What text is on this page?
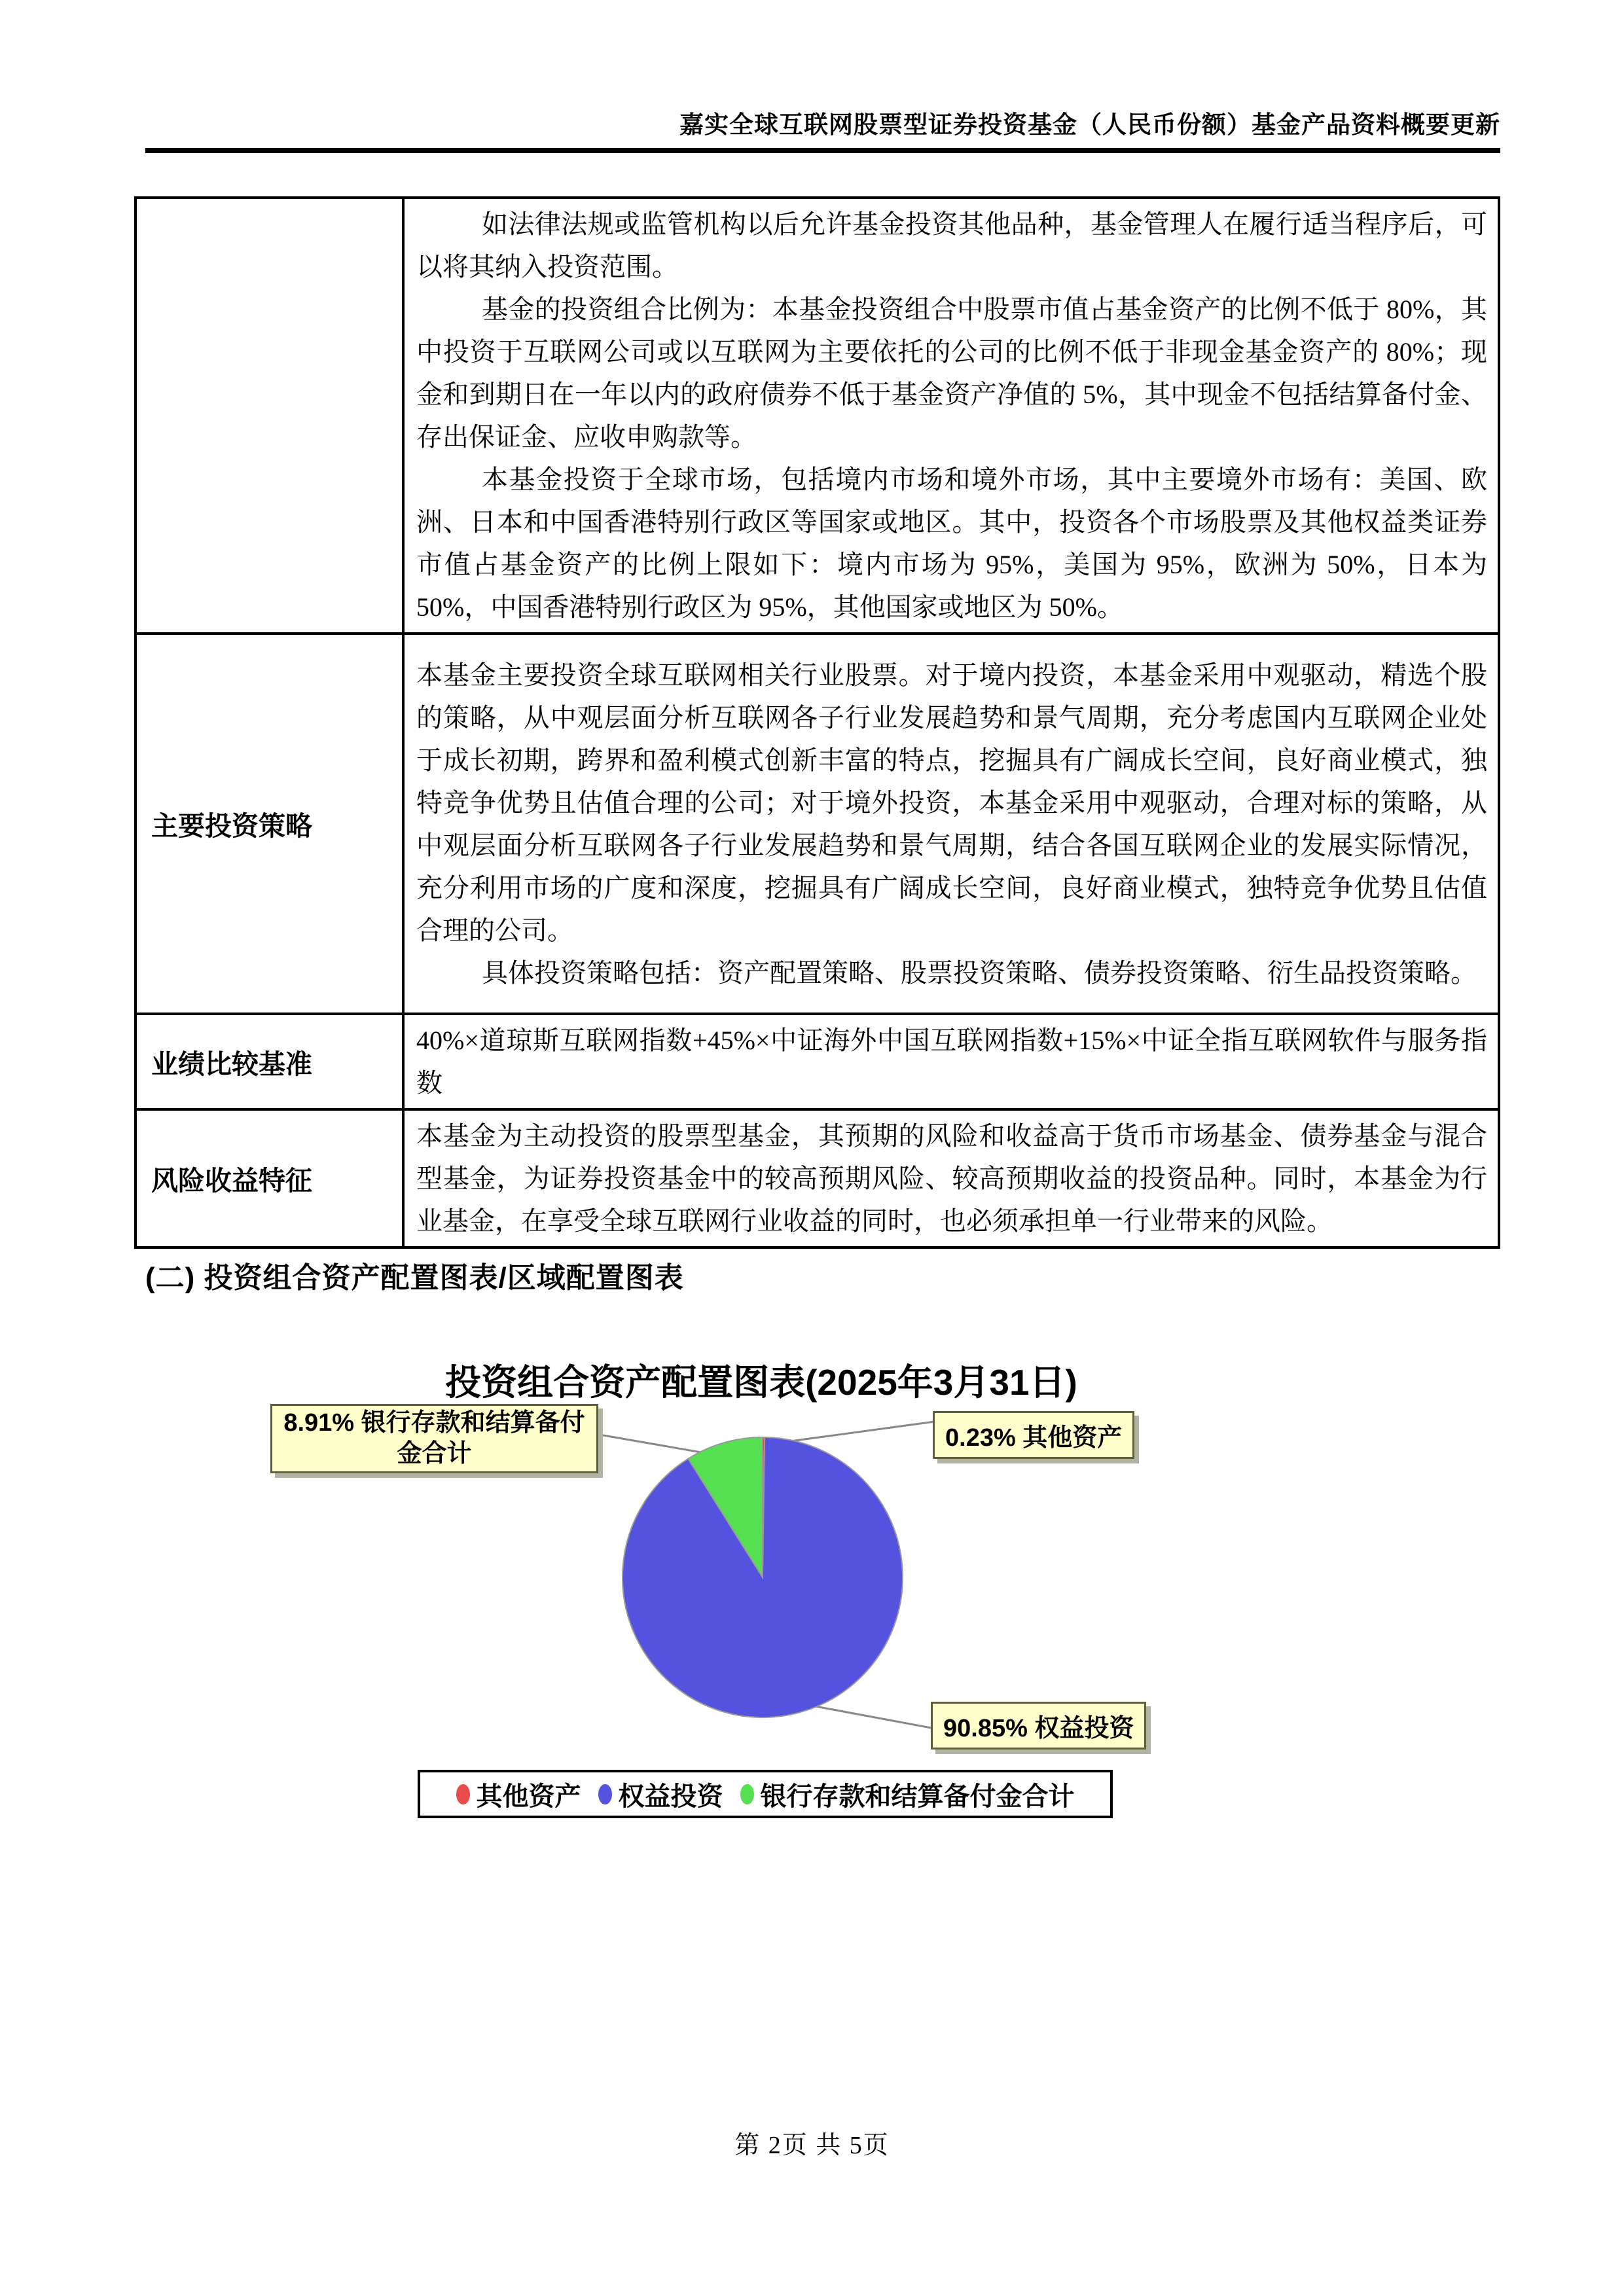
嘉实全球互联网股票型证券投资基金（人民币份额）基金产品资料概要更新

	如法律法规或监管机构以后允许基金投资其他品种，基金管理人在履行适当程序后，可以将其纳入投资范围。

基金的投资组合比例为：本基金投资组合中股票市值占基金资产的比例不低于 80%，其中投资于互联网公司或以互联网为主要依托的公司的比例不低于非现金基金资产的 80%；现金和到期日在一年以内的政府债券不低于基金资产净值的 5%，其中现金不包括结算备付金、存出保证金、应收申购款等。

本基金投资于全球市场，包括境内市场和境外市场，其中主要境外市场有：美国、欧洲、日本和中国香港特别行政区等国家或地区。其中，投资各个市场股票及其他权益类证券市值占基金资产的比例上限如下：境内市场为 95%，美国为 95%，欧洲为 50%，日本为 50%，中国香港特别行政区为 95%，其他国家或地区为 50%。

主要投资策略	本基金主要投资全球互联网相关行业股票。对于境内投资，本基金采用中观驱动，精选个股的策略，从中观层面分析互联网各子行业发展趋势和景气周期，充分考虑国内互联网企业处于成长初期，跨界和盈利模式创新丰富的特点，挖掘具有广阔成长空间，良好商业模式，独特竞争优势且估值合理的公司；对于境外投资，本基金采用中观驱动，合理对标的策略，从中观层面分析互联网各子行业发展趋势和景气周期，结合各国互联网企业的发展实际情况，充分利用市场的广度和深度，挖掘具有广阔成长空间，良好商业模式，独特竞争优势且估值合理的公司。

具体投资策略包括：资产配置策略、股票投资策略、债券投资策略、衍生品投资策略。

业绩比较基准	40%×道琼斯互联网指数+45%×中证海外中国互联网指数+15%×中证全指互联网软件与服务指数

风险收益特征	本基金为主动投资的股票型基金，其预期的风险和收益高于货币市场基金、债券基金与混合型基金，为证券投资基金中的较高预期风险、较高预期收益的投资品种。同时，本基金为行业基金，在享受全球互联网行业收益的同时，也必须承担单一行业带来的风险。

(二) 投资组合资产配置图表/区域配置图表
投资组合资产配置图表(2025年3月31日)
8.91% 银行存款和结算备付金合计
0.23% 其他资产
90.85% 权益投资
其他资产 权益投资 银行存款和结算备付金合计
第 2页 共 5页
